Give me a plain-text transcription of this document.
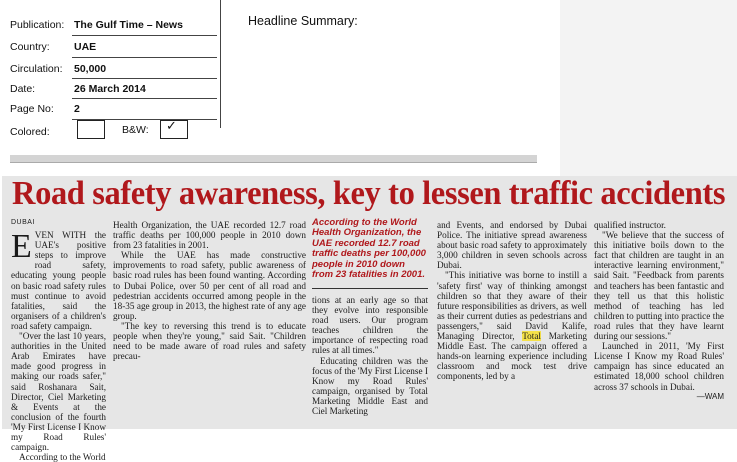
Publication: The Gulf Time – News
Country:	UAE
Circulation:	50,000
Date:	26 March 2014
Page No:	2
Colored:	B&W: ✓
Headline Summary:
Road safety awareness, key to lessen traffic accidents
DUBAI
E VEN WITH the UAE's positive steps to improve road safety, educating young people on basic road safety rules must continue to avoid fatalities, said the organisers of a children's road safety campaign.

"Over the last 10 years, authorities in the United Arab Emirates have made good progress in making our roads safer," said Roshanara Sait, Director, Ciel Marketing & Events at the conclusion of the fourth 'My First License I Know my Road Rules' campaign.

According to the World

Health Organization, the UAE recorded 12.7 road traffic deaths per 100,000 people in 2010 down from 23 fatalities in 2001.

While the UAE has made constructive improvements to road safety, public awareness of basic road rules has been found wanting. According to Dubai Police, over 50 per cent of all road and pedestrian accidents occurred among people in the 18-35 age group in 2013, the highest rate of any age group.

"The key to reversing this trend is to educate people when they're young," said Sait. "Children need to be made aware of road rules and safety precau-

According to the World Health Organization, the UAE recorded 12.7 road traffic deaths per 100,000 people in 2010 down from 23 fatalities in 2001.

tions at an early age so that they evolve into responsible road users. Our program teaches children the importance of respecting road rules at all times."

Educating children was the focus of the 'My First License I Know my Road Rules' campaign, organised by Total Marketing Middle East and Ciel Marketing

and Events, and endorsed by Dubai Police. The initiative spread awareness about basic road safety to approximately 3,000 children in seven schools across Dubai.

"This initiative was borne to instill a 'safety first' way of thinking amongst children so that they aware of their future responsibilities as drivers, as well as their current duties as pedestrians and passengers," said David Kalife, Managing Director, Total Marketing Middle East. The campaign offered a hands-on learning experience including classroom and mock test drive components, led by a

qualified instructor.

"We believe that the success of this initiative boils down to the fact that children are taught in an interactive learning environment," said Sait. "Feedback from parents and teachers has been fantastic and they tell us that this holistic method of teaching has led children to putting into practice the road rules that they have learnt during our sessions."

Launched in 2011, 'My First License I Know my Road Rules' campaign has since educated an estimated 18,000 school children across 37 schools in Dubai.

—WAM
